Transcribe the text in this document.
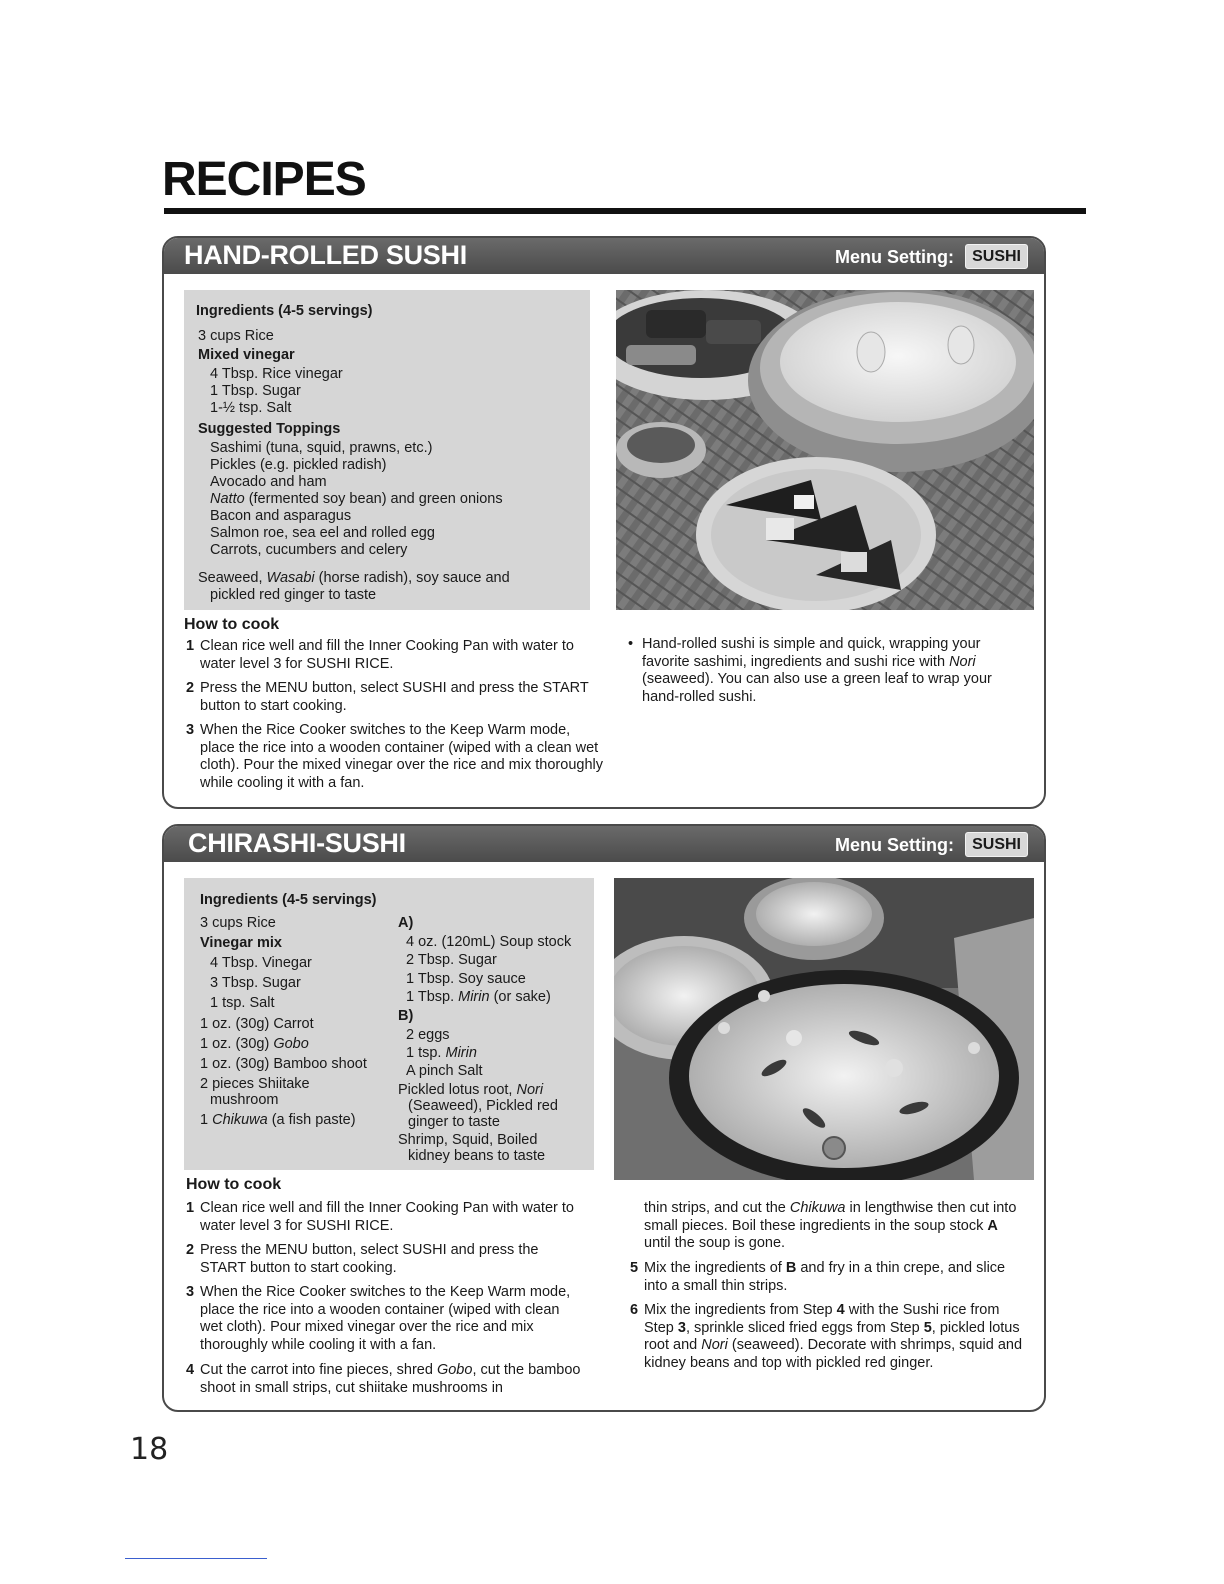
RECIPES
HAND-ROLLED SUSHI	Menu Setting:	SUSHI
Ingredients (4-5 servings)
3 cups Rice
Mixed vinegar
4 Tbsp. Rice vinegar
1 Tbsp. Sugar
1-½ tsp. Salt
Suggested Toppings
Sashimi (tuna, squid, prawns, etc.)
Pickles (e.g. pickled radish)
Avocado and ham
Natto (fermented soy bean) and green onions
Bacon and asparagus
Salmon roe, sea eel and rolled egg
Carrots, cucumbers and celery
Seaweed, Wasabi (horse radish), soy sauce and
pickled red ginger to taste
How to cook
1 Clean rice well and fill the Inner Cooking Pan with water to water level 3 for SUSHI RICE.
2 Press the MENU button, select SUSHI and press the START button to start cooking.
3 When the Rice Cooker switches to the Keep Warm mode, place the rice into a wooden container (wiped with a clean wet cloth). Pour the mixed vinegar over the rice and mix thoroughly while cooling it with a fan.
• Hand-rolled sushi is simple and quick, wrapping your favorite sashimi, ingredients and sushi rice with Nori (seaweed). You can also use a green leaf to wrap your hand-rolled sushi.
CHIRASHI-SUSHI	Menu Setting:	SUSHI
Ingredients (4-5 servings)
3 cups Rice
Vinegar mix
4 Tbsp. Vinegar
3 Tbsp. Sugar
1 tsp. Salt
1 oz. (30g) Carrot
1 oz. (30g) Gobo
1 oz. (30g) Bamboo shoot
2 pieces Shiitake
mushroom
1 Chikuwa (a fish paste)
A)
4 oz. (120mL) Soup stock
2 Tbsp. Sugar
1 Tbsp. Soy sauce
1 Tbsp. Mirin (or sake)
B)
2 eggs
1 tsp. Mirin
A pinch Salt
Pickled lotus root, Nori
(Seaweed), Pickled red
ginger to taste
Shrimp, Squid, Boiled
kidney beans to taste
How to cook
1 Clean rice well and fill the Inner Cooking Pan with water to water level 3 for SUSHI RICE.
2 Press the MENU button, select SUSHI and press the START button to start cooking.
3 When the Rice Cooker switches to the Keep Warm mode, place the rice into a wooden container (wiped with clean wet cloth). Pour mixed vinegar over the rice and mix thoroughly while cooling it with a fan.
4 Cut the carrot into fine pieces, shred Gobo, cut the bamboo shoot in small strips, cut shiitake mushrooms in
thin strips, and cut the Chikuwa in lengthwise then cut into small pieces. Boil these ingredients in the soup stock A until the soup is gone.
5 Mix the ingredients of B and fry in a thin crepe, and slice into a small thin strips.
6 Mix the ingredients from Step 4 with the Sushi rice from Step 3, sprinkle sliced fried eggs from Step 5, pickled lotus root and Nori (seaweed). Decorate with shrimps, squid and kidney beans and top with pickled red ginger.
18
